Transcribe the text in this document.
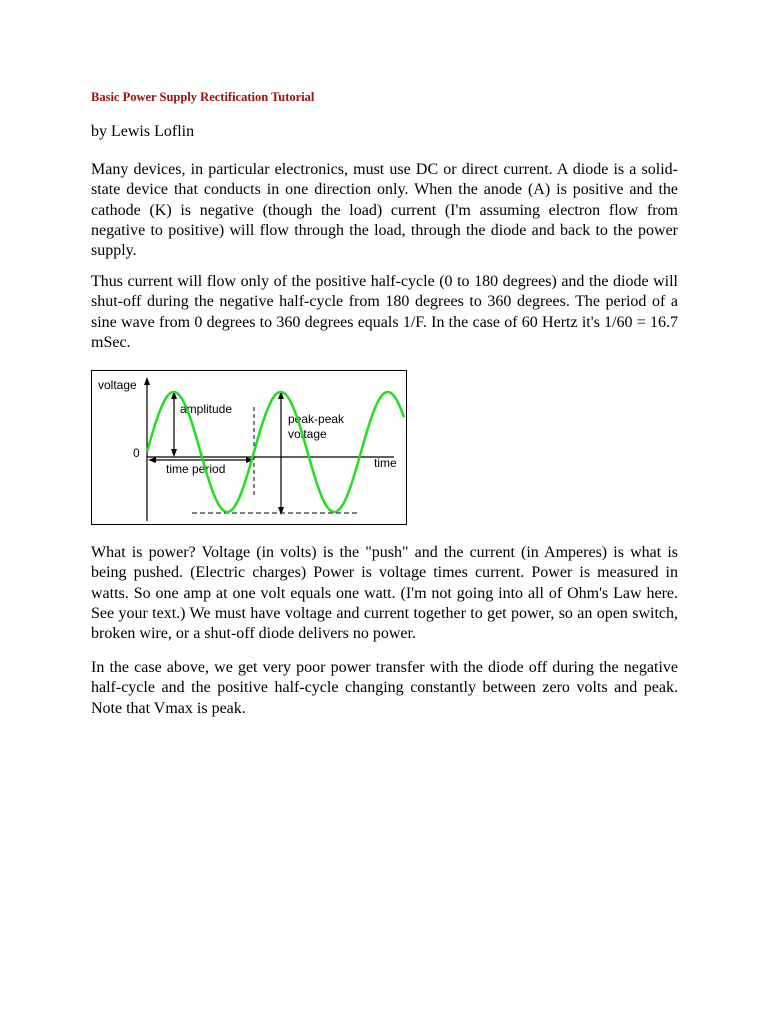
Basic Power Supply Rectification Tutorial
by Lewis Loflin

Many devices, in particular electronics, must use DC or direct current. A diode is a solid-state device that conducts in one direction only. When the anode (A) is positive and the cathode (K) is negative (though the load) current (I'm assuming electron flow from negative to positive) will flow through the load, through the diode and back to the power supply.

Thus current will flow only of the positive half-cycle (0 to 180 degrees) and the diode will shut-off during the negative half-cycle from 180 degrees to 360 degrees. The period of a sine wave from 0 degrees to 360 degrees equals 1/F. In the case of 60 Hertz it's 1/60 = 16.7 mSec.

voltage
0
amplitude
peak-peak
voltage
time period	time

What is power? Voltage (in volts) is the "push" and the current (in Amperes) is what is being pushed. (Electric charges) Power is voltage times current. Power is measured in watts. So one amp at one volt equals one watt. (I'm not going into all of Ohm's Law here. See your text.) We must have voltage and current together to get power, so an open switch, broken wire, or a shut-off diode delivers no power.

In the case above, we get very poor power transfer with the diode off during the negative half-cycle and the positive half-cycle changing constantly between zero volts and peak. Note that Vmax is peak.
